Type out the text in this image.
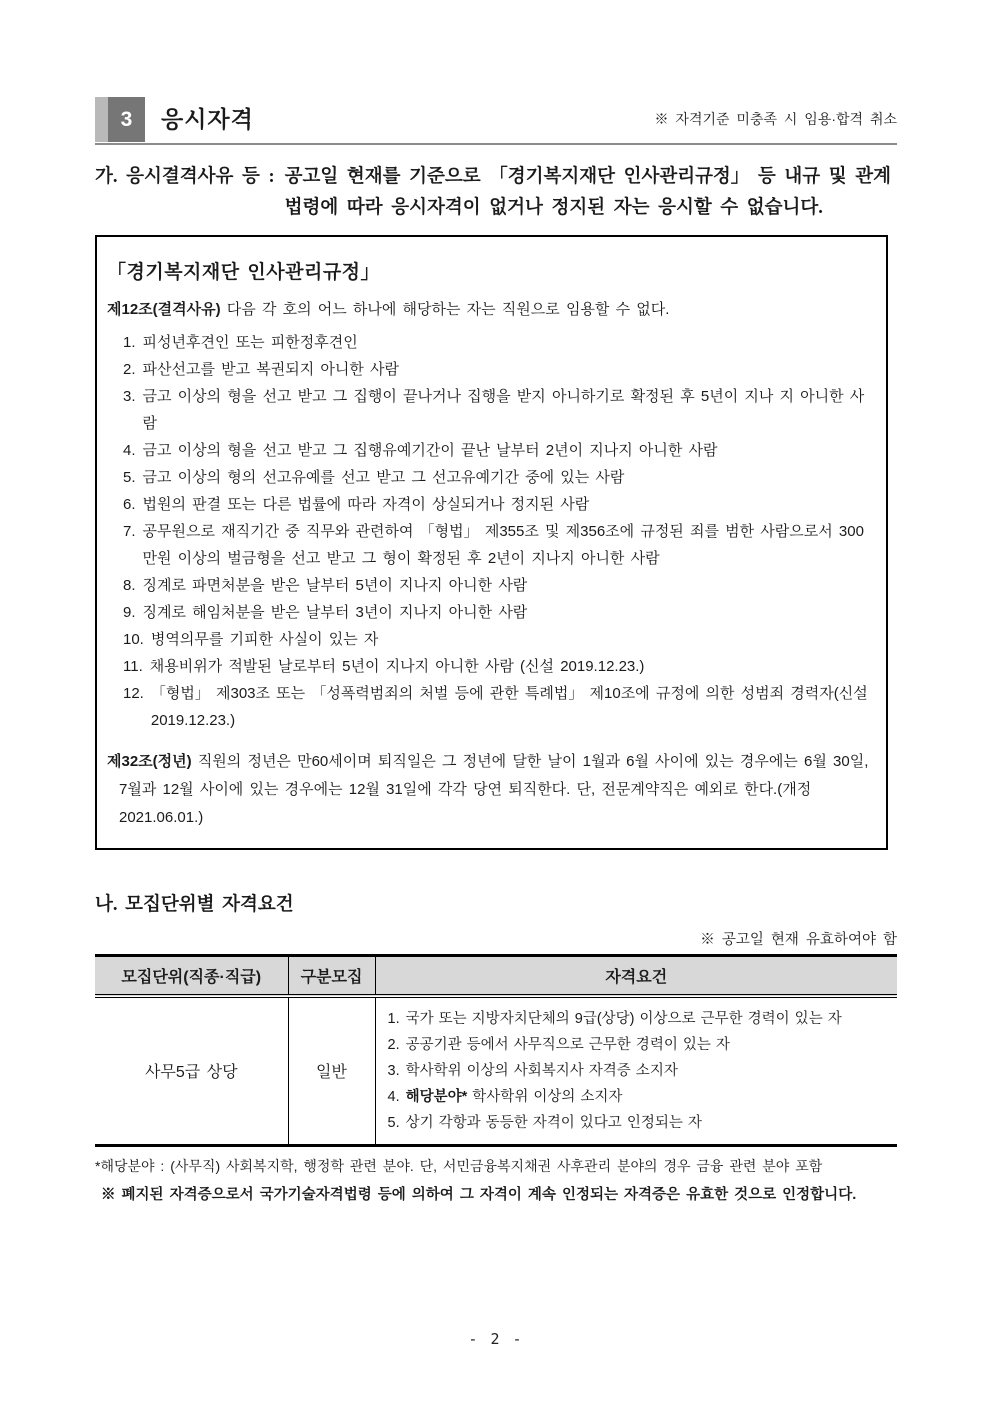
3	응시자격	※ 자격기준 미충족 시 임용·합격 취소
가. 응시결격사유 등 : 공고일 현재를 기준으로 「경기복지재단 인사관리규정」 등 내규 및 관계
법령에 따라 응시자격이 없거나 정지된 자는 응시할 수 없습니다.
「경기복지재단 인사관리규정」
제12조(결격사유) 다음 각 호의 어느 하나에 해당하는 자는 직원으로 임용할 수 없다.
1. 피성년후견인 또는 피한정후견인
2. 파산선고를 받고 복권되지 아니한 사람
3. 금고 이상의 형을 선고 받고 그 집행이 끝나거나 집행을 받지 아니하기로 확정된 후 5년이 지나 지 아니한 사람
4. 금고 이상의 형을 선고 받고 그 집행유예기간이 끝난 날부터 2년이 지나지 아니한 사람
5. 금고 이상의 형의 선고유예를 선고 받고 그 선고유예기간 중에 있는 사람
6. 법원의 판결 또는 다른 법률에 따라 자격이 상실되거나 정지된 사람
7. 공무원으로 재직기간 중 직무와 관련하여 「형법」 제355조 및 제356조에 규정된 죄를 범한 사람으로서 300만원 이상의 벌금형을 선고 받고 그 형이 확정된 후 2년이 지나지 아니한 사람
8. 징계로 파면처분을 받은 날부터 5년이 지나지 아니한 사람
9. 징계로 해임처분을 받은 날부터 3년이 지나지 아니한 사람
10. 병역의무를 기피한 사실이 있는 자
11. 채용비위가 적발된 날로부터 5년이 지나지 아니한 사람 (신설 2019.12.23.)
12. 「형법」 제303조 또는 「성폭력범죄의 처벌 등에 관한 특례법」 제10조에 규정에 의한 성범죄 경력자(신설 2019.12.23.)
제32조(정년) 직원의 정년은 만60세이며 퇴직일은 그 정년에 달한 날이 1월과 6월 사이에 있는 경우에는 6월 30일, 7월과 12월 사이에 있는 경우에는 12월 31일에 각각 당연 퇴직한다. 단, 전문계약직은 예외로 한다.(개정 2021.06.01.)
나. 모집단위별 자격요건
※ 공고일 현재 유효하여야 함
모집단위(직종·직급)	구분모집	자격요건
사무5급 상당	일반	
1. 국가 또는 지방자치단체의 9급(상당) 이상으로 근무한 경력이 있는 자
2. 공공기관 등에서 사무직으로 근무한 경력이 있는 자
3. 학사학위 이상의 사회복지사 자격증 소지자
4. 해당분야* 학사학위 이상의 소지자
5. 상기 각항과 동등한 자격이 있다고 인정되는 자
*해당분야 : (사무직) 사회복지학, 행정학 관련 분야. 단, 서민금융복지채권 사후관리 분야의 경우 금융 관련 분야 포함
※ 폐지된 자격증으로서 국가기술자격법령 등에 의하여 그 자격이 계속 인정되는 자격증은 유효한 것으로 인정합니다.
- 2 -
